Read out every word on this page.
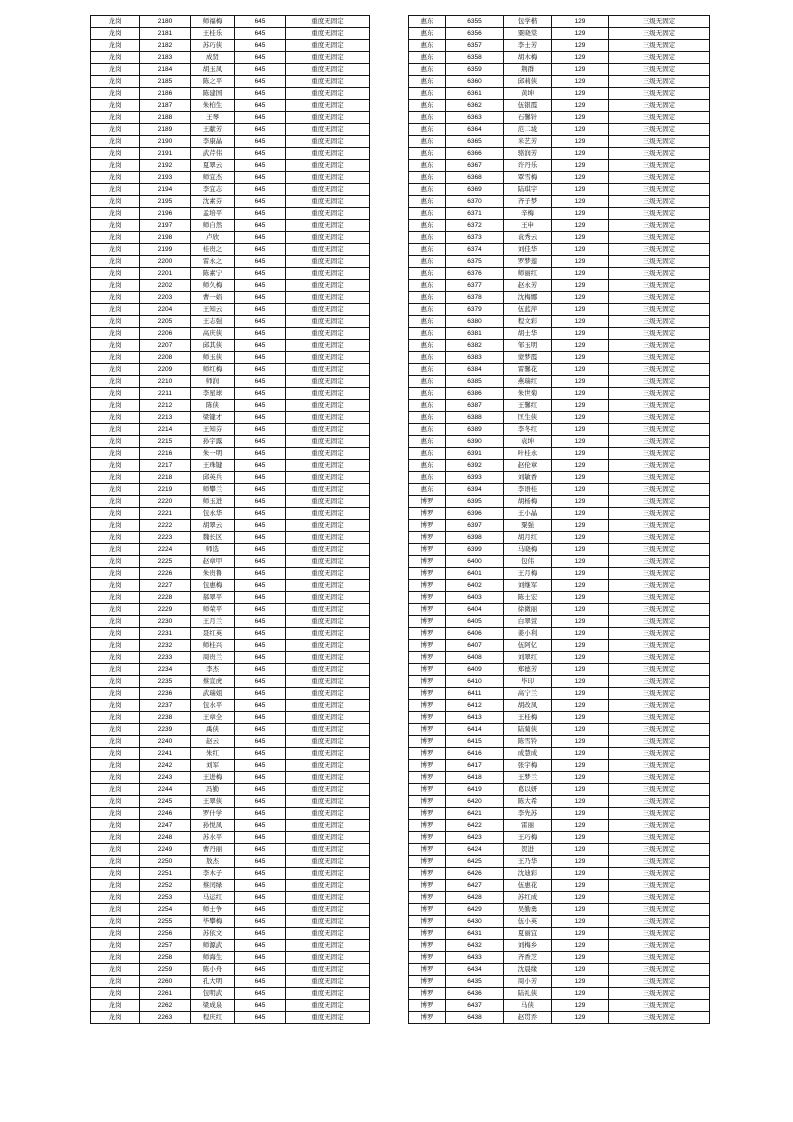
龙岗	2180	师福梅	645	重度无固定
龙岗	2181	王桂乐	645	重度无固定
龙岗	2182	苏巧侠	645	重度无固定
龙岗	2183	成贤	645	重度无固定
龙岗	2184	胡玉凤	645	重度无固定
龙岗	2185	陈之平	645	重度无固定
龙岗	2186	陈建国	645	重度无固定
龙岗	2187	朱柏生	645	重度无固定
龙岗	2188	王琴	645	重度无固定
龙岗	2189	王献芳	645	重度无固定
龙岗	2190	李康晶	645	重度无固定
龙岗	2191	武芹伟	645	重度无固定
龙岗	2192	夏翠云	645	重度无固定
龙岗	2193	师宜杰	645	重度无固定
龙岗	2194	李宜志	645	重度无固定
龙岗	2195	沈素芬	645	重度无固定
龙岗	2196	孟培平	645	重度无固定
龙岗	2197	师自然	645	重度无固定
龙岗	2198	卢欣	645	重度无固定
龙岗	2199	桂贵之	645	重度无固定
龙岗	2200	雷永之	645	重度无固定
龙岗	2201	陈素宁	645	重度无固定
龙岗	2202	师久梅	645	重度无固定
龙岗	2203	曹一娟	645	重度无固定
龙岗	2204	王知云	645	重度无固定
龙岗	2205	王志强	645	重度无固定
龙岗	2206	高庆侠	645	重度无固定
龙岗	2207	邱其侠	645	重度无固定
龙岗	2208	师玉侠	645	重度无固定
龙岗	2209	师红梅	645	重度无固定
龙岗	2210	师润	645	重度无固定
龙岗	2211	李星球	645	重度无固定
龙岗	2212	陈侠	645	重度无固定
龙岗	2213	梁键才	645	重度无固定
龙岗	2214	王知芬	645	重度无固定
龙岗	2215	孙宇露	645	重度无固定
龙岗	2216	朱一明	645	重度无固定
龙岗	2217	王珠键	645	重度无固定
龙岗	2218	邱英兵	645	重度无固定
龙岗	2219	师攀兰	645	重度无固定
龙岗	2220	师玉进	645	重度无固定
龙岗	2221	包永华	645	重度无固定
龙岗	2222	胡翠云	645	重度无固定
龙岗	2223	魏长区	645	重度无固定
龙岗	2224	师选	645	重度无固定
龙岗	2225	赵章甲	645	重度无固定
龙岗	2226	朱贵鲁	645	重度无固定
龙岗	2227	包惠梅	645	重度无固定
龙岗	2228	郝翠平	645	重度无固定
龙岗	2229	师荣平	645	重度无固定
龙岗	2230	王月兰	645	重度无固定
龙岗	2231	聂红英	645	重度无固定
龙岗	2232	师桂兴	645	重度无固定
龙岗	2233	周贵兰	645	重度无固定
龙岗	2234	李杰	645	重度无固定
龙岗	2235	蔡宣虎	645	重度无固定
龙岗	2236	武瑞姐	645	重度无固定
龙岗	2237	包水平	645	重度无固定
龙岗	2238	王章全	645	重度无固定
龙岗	2239	禹侠	645	重度无固定
龙岗	2240	赵云	645	重度无固定
龙岗	2241	朱红	645	重度无固定
龙岗	2242	刘军	645	重度无固定
龙岗	2243	王进梅	645	重度无固定
龙岗	2244	冯勤	645	重度无固定
龙岗	2245	王翠侠	645	重度无固定
龙岗	2246	罗什学	645	重度无固定
龙岗	2247	孙悦凤	645	重度无固定
龙岗	2248	苏水平	645	重度无固定
龙岗	2249	曹丹丽	645	重度无固定
龙岗	2250	敖杰	645	重度无固定
龙岗	2251	李木子	645	重度无固定
龙岗	2252	蔡闰绿	645	重度无固定
龙岗	2253	马运红	645	重度无固定
龙岗	2254	师士争	645	重度无固定
龙岗	2255	毕攀梅	645	重度无固定
龙岗	2256	苏依文	645	重度无固定
龙岗	2257	师源武	645	重度无固定
龙岗	2258	师海生	645	重度无固定
龙岗	2259	陈小舟	645	重度无固定
龙岗	2260	孔大明	645	重度无固定
龙岗	2261	包明武	645	重度无固定
龙岗	2262	梁成泉	645	重度无固定
龙岗	2263	程庆红	645	重度无固定
惠东	6355	包学楷	129	三级无固定
惠东	6356	粟晓棠	129	三级无固定
惠东	6357	李士芳	129	三级无固定
惠东	6358	胡木梅	129	三级无固定
惠东	6359	荆群	129	三级无固定
惠东	6360	邱莉侠	129	三级无固定
惠东	6361	黄坤	129	三级无固定
惠东	6362	伍银霞	129	三级无固定
惠东	6363	石馨针	129	三级无固定
惠东	6364	范二垅	129	三级无固定
惠东	6365	米艺芳	129	三级无固定
惠东	6366	骆润芳	129	三级无固定
惠东	6367	许丹乐	129	三级无固定
惠东	6368	覃雪梅	129	三级无固定
惠东	6369	陆琪宇	129	三级无固定
惠东	6370	齐子梦	129	三级无固定
惠东	6371	辛梅	129	三级无固定
惠东	6372	王申	129	三级无固定
惠东	6373	袁秀云	129	三级无固定
惠东	6374	刘佳华	129	三级无固定
惠东	6375	罗梦莲	129	三级无固定
惠东	6376	师丽红	129	三级无固定
惠东	6377	赵永芳	129	三级无固定
惠东	6378	沈梅娜	129	三级无固定
惠东	6379	伍蓝萍	129	三级无固定
惠东	6380	程文彩	129	三级无固定
惠东	6381	胡士华	129	三级无固定
惠东	6382	邹玉明	129	三级无固定
惠东	6383	蒙梦霞	129	三级无固定
惠东	6384	雷馨花	129	三级无固定
惠东	6385	燕瑞红	129	三级无固定
惠东	6386	朱世菊	129	三级无固定
惠东	6387	王馨红	129	三级无固定
惠东	6388	匡生侠	129	三级无固定
惠东	6389	李冬红	129	三级无固定
惠东	6390	袁坤	129	三级无固定
惠东	6391	叶桂永	129	三级无固定
惠东	6392	赵伦章	129	三级无固定
惠东	6393	刘敏香	129	三级无固定
惠东	6394	李语桂	129	三级无固定
博罗	6395	胡杨梅	129	三级无固定
博罗	6396	王小晶	129	三级无固定
博罗	6397	粟强	129	三级无固定
博罗	6398	胡月红	129	三级无固定
博罗	6399	马晓梅	129	三级无固定
博罗	6400	包伟	129	三级无固定
博罗	6401	王月梅	129	三级无固定
博罗	6402	刘继军	129	三级无固定
博罗	6403	陈士宏	129	三级无固定
博罗	6404	徐微丽	129	三级无固定
博罗	6405	白翠萱	129	三级无固定
博罗	6406	姜小利	129	三级无固定
博罗	6407	伍阿亿	129	三级无固定
博罗	6408	刘翠红	129	三级无固定
博罗	6409	郑德芳	129	三级无固定
博罗	6410	毕印	129	三级无固定
博罗	6411	高宁兰	129	三级无固定
博罗	6412	胡改凤	129	三级无固定
博罗	6413	王桂梅	129	三级无固定
博罗	6414	陆菊侠	129	三级无固定
博罗	6415	陈雪铃	129	三级无固定
博罗	6416	成慧成	129	三级无固定
博罗	6417	张宇梅	129	三级无固定
博罗	6418	王梦兰	129	三级无固定
博罗	6419	葛以妍	129	三级无固定
博罗	6420	陈大希	129	三级无固定
博罗	6421	李先苏	129	三级无固定
博罗	6422	雷丽	129	三级无固定
博罗	6423	王巧梅	129	三级无固定
博罗	6424	贺进	129	三级无固定
博罗	6425	王乃华	129	三级无固定
博罗	6426	沈迪彩	129	三级无固定
博罗	6427	伍惠花	129	三级无固定
博罗	6428	苏红成	129	三级无固定
博罗	6429	吴勤勇	129	三级无固定
博罗	6430	伍小英	129	三级无固定
博罗	6431	夏丽宜	129	三级无固定
博罗	6432	刘梅乡	129	三级无固定
博罗	6433	齐香芝	129	三级无固定
博罗	6434	沈晨缘	129	三级无固定
博罗	6435	周小芳	129	三级无固定
博罗	6436	陆礼侠	129	三级无固定
博罗	6437	马侠	129	三级无固定
博罗	6438	赵贯乔	129	三级无固定
